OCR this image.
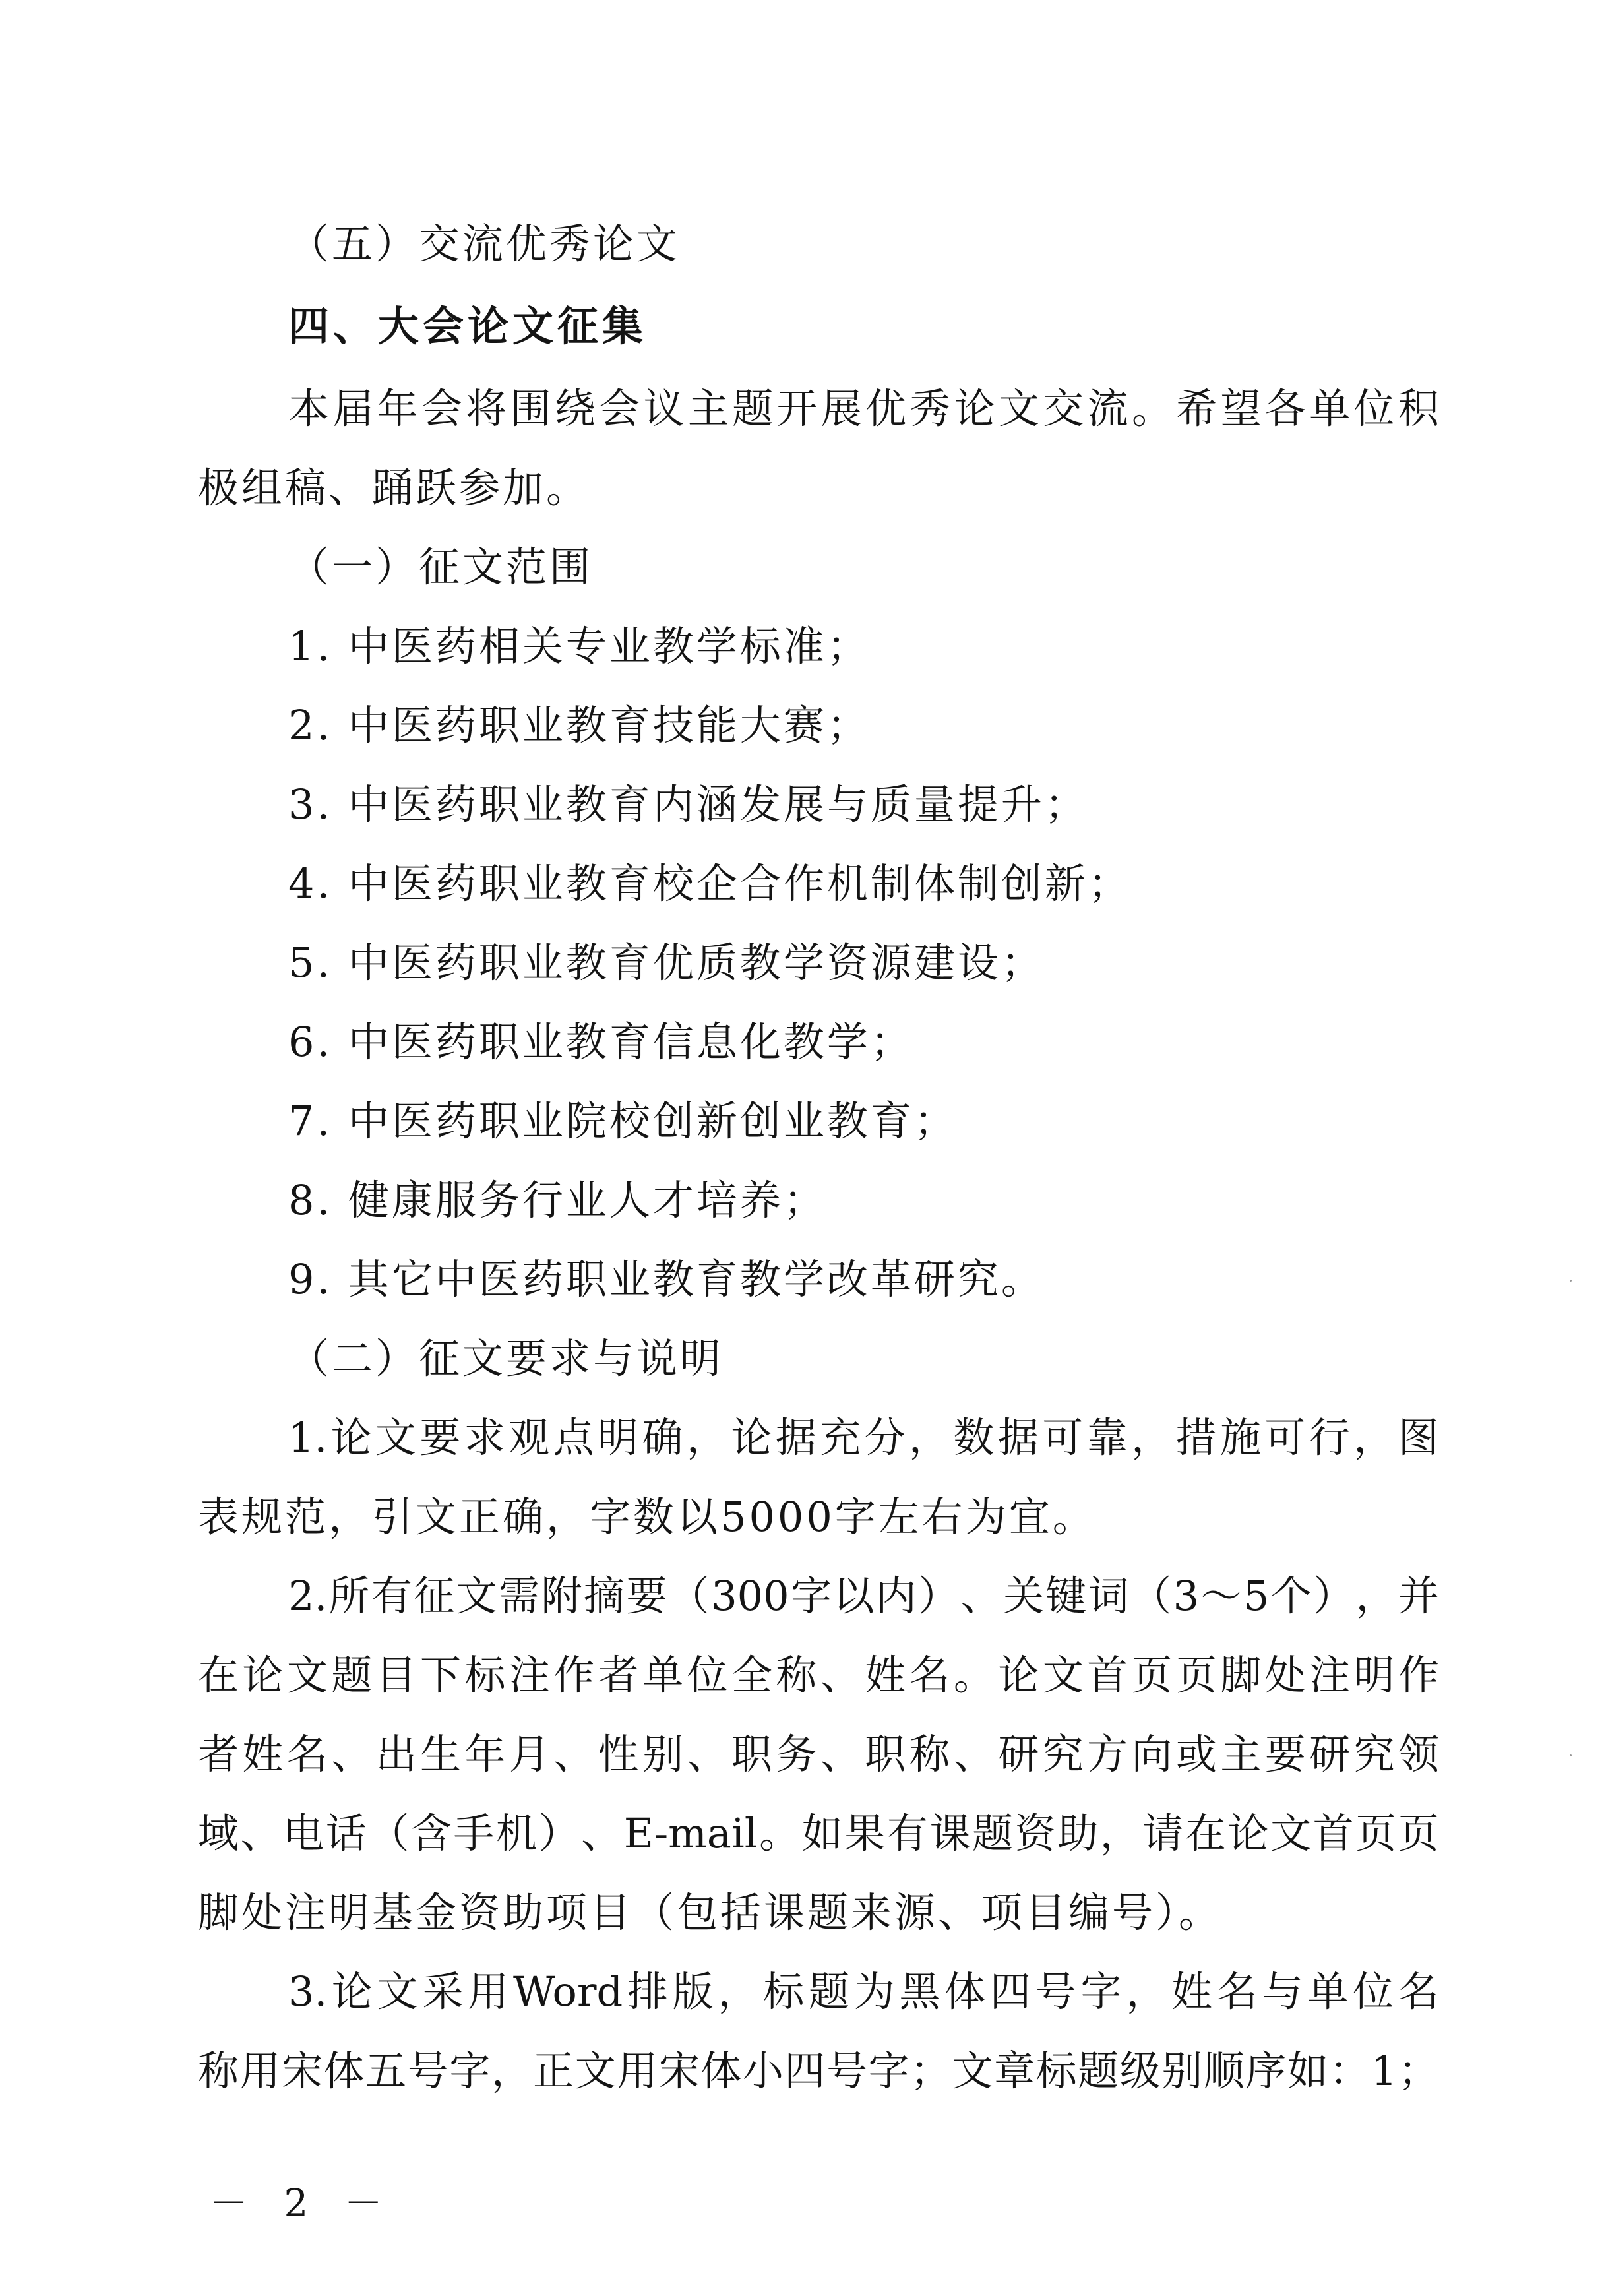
（五）交流优秀论文
四、大会论文征集
本 届 年 会 将 围 绕 会 议 主 题 开 展 优 秀 论 文 交 流 。 希 望 各 单 位 积
极组稿、踊跃参加。
（一）征文范围
1. 中医药相关专业教学标准；
2. 中医药职业教育技能大赛；
3. 中医药职业教育内涵发展与质量提升；
4. 中医药职业教育校企合作机制体制创新；
5. 中医药职业教育优质教学资源建设；
6. 中医药职业教育信息化教学；
7. 中医药职业院校创新创业教育；
8. 健康服务行业人才培养；
9. 其它中医药职业教育教学改革研究。
（二）征文要求与说明
1. 论 文 要 求 观 点 明 确 ， 论 据 充 分 ， 数 据 可 靠 ， 措 施 可 行 ， 图
表规范，引文正确，字数以5000字左右为宜。
2. 所 有 征 文 需 附 摘 要 （ 300 字 以 内 ） 、 关 键 词 （ 3 ～ 5 个 ） ， 并
在 论 文 题 目 下 标 注 作 者 单 位 全 称 、 姓 名 。 论 文 首 页 页 脚 处 注 明 作
者 姓 名 、 出 生 年 月 、 性 别 、 职 务 、 职 称 、 研 究 方 向 或 主 要 研 究 领
域 、 电 话 （ 含 手 机 ） 、 E-mail 。 如 果 有 课 题 资 助 ， 请 在 论 文 首 页 页
脚处注明基金资助项目（包括课题来源、项目编号）。
3. 论 文 采 用 Word 排 版 ， 标 题 为 黑 体 四 号 字 ， 姓 名 与 单 位 名
称 用 宋 体 五 号 字 ， 正 文 用 宋 体 小 四 号 字 ； 文 章 标 题 级 别 顺 序 如 ： 1 ；
－ 2 －
